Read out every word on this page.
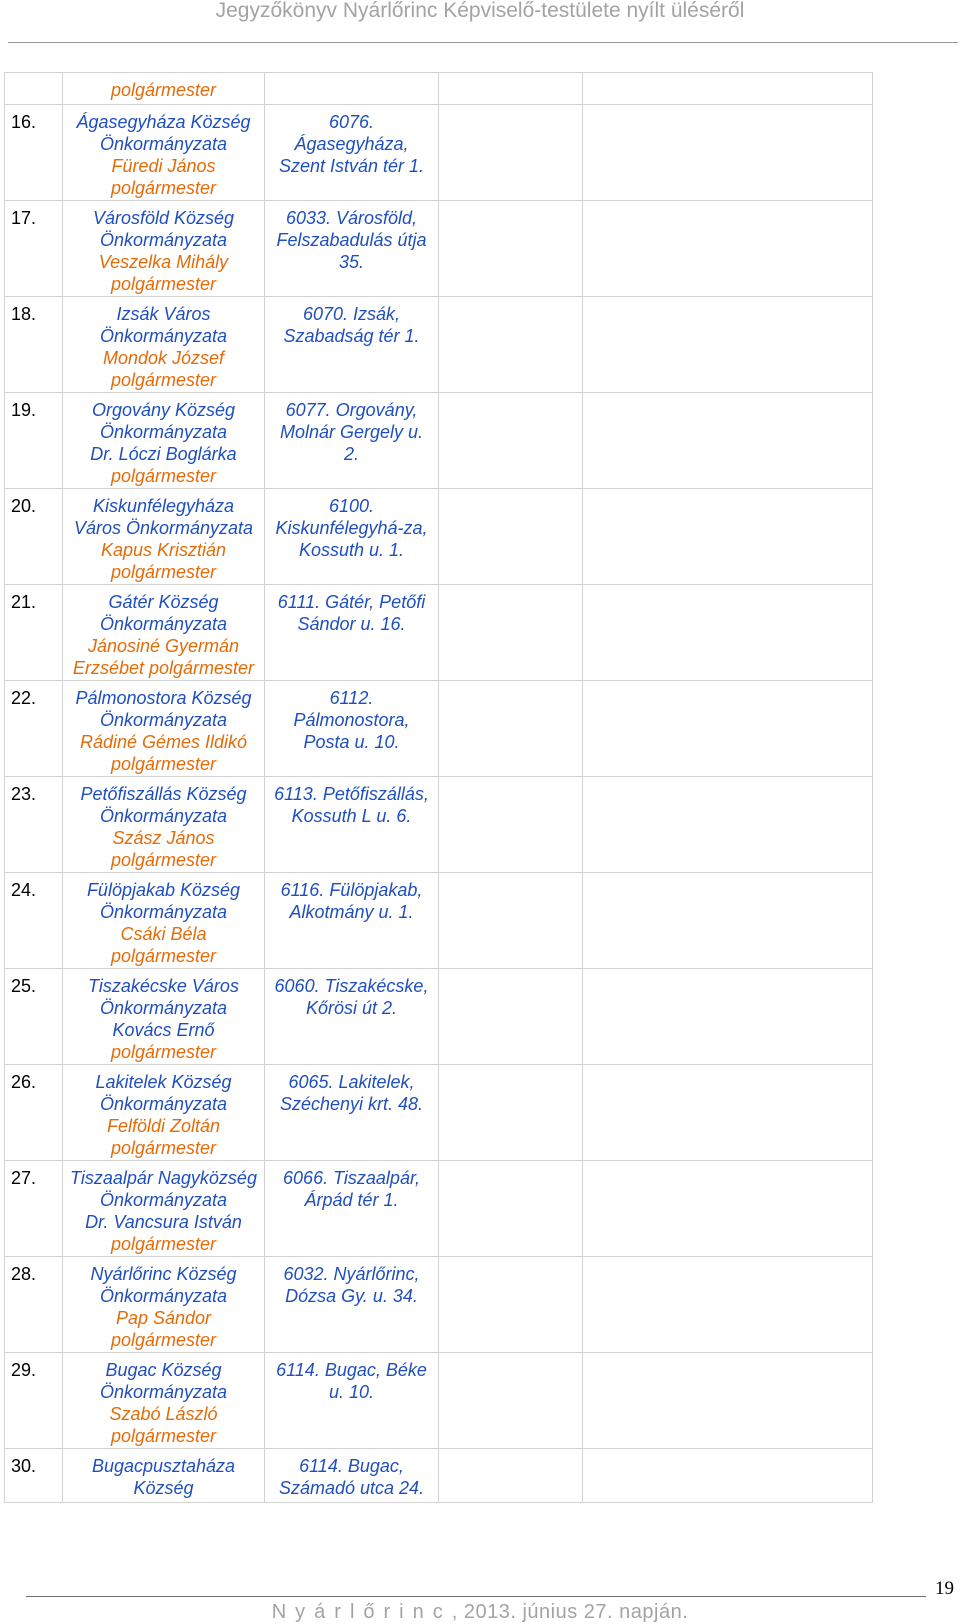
Jegyzőkönyv Nyárlőrinc Képviselő-testülete nyílt üléséről

	polgármester			

16.	Ágasegyháza Község
Önkormányzata
Füredi János
polgármester	6076.
Ágasegyháza,
Szent István tér 1.		

17.	Városföld Község
Önkormányzata
Veszelka Mihály
polgármester	6033. Városföld,
Felszabadulás útja
35.		

18.	Izsák Város
Önkormányzata
Mondok József
polgármester	6070. Izsák,
Szabadság tér 1.		

19.	Orgovány Község
Önkormányzata
Dr. Lóczi Boglárka
polgármester	6077. Orgovány,
Molnár Gergely u.
2.		

20.	Kiskunfélegyháza
Város Önkormányzata
Kapus Krisztián
polgármester	6100.
Kiskunfélegyhá-za,
Kossuth u. 1.		

21.	Gátér Község
Önkormányzata
Jánosiné Gyermán
Erzsébet polgármester	6111. Gátér, Petőfi
Sándor u. 16.		

22.	Pálmonostora Község
Önkormányzata
Rádiné Gémes Ildikó
polgármester	6112.
Pálmonostora,
Posta u. 10.		

23.	Petőfiszállás Község
Önkormányzata
Szász János
polgármester	6113. Petőfiszállás,
Kossuth L u. 6.		

24.	Fülöpjakab Község
Önkormányzata
Csáki Béla
polgármester	6116. Fülöpjakab,
Alkotmány u. 1.		

25.	Tiszakécske Város
Önkormányzata
Kovács Ernő
polgármester	6060. Tiszakécske,
Kőrösi út 2.		

26.	Lakitelek Község
Önkormányzata
Felföldi Zoltán
polgármester	6065. Lakitelek,
Széchenyi krt. 48.		

27.	Tiszaalpár Nagyközség
Önkormányzata
Dr. Vancsura István
polgármester	6066. Tiszaalpár,
Árpád tér 1.		

28.	Nyárlőrinc Község
Önkormányzata
Pap Sándor
polgármester	6032. Nyárlőrinc,
Dózsa Gy. u. 34.		

29.	Bugac Község
Önkormányzata
Szabó László
polgármester	6114. Bugac, Béke
u. 10.		

30.	Bugacpusztaháza
Község	6114. Bugac,
Számadó utca 24.		

19
Nyárlőrinc, 2013. június 27. napján.
